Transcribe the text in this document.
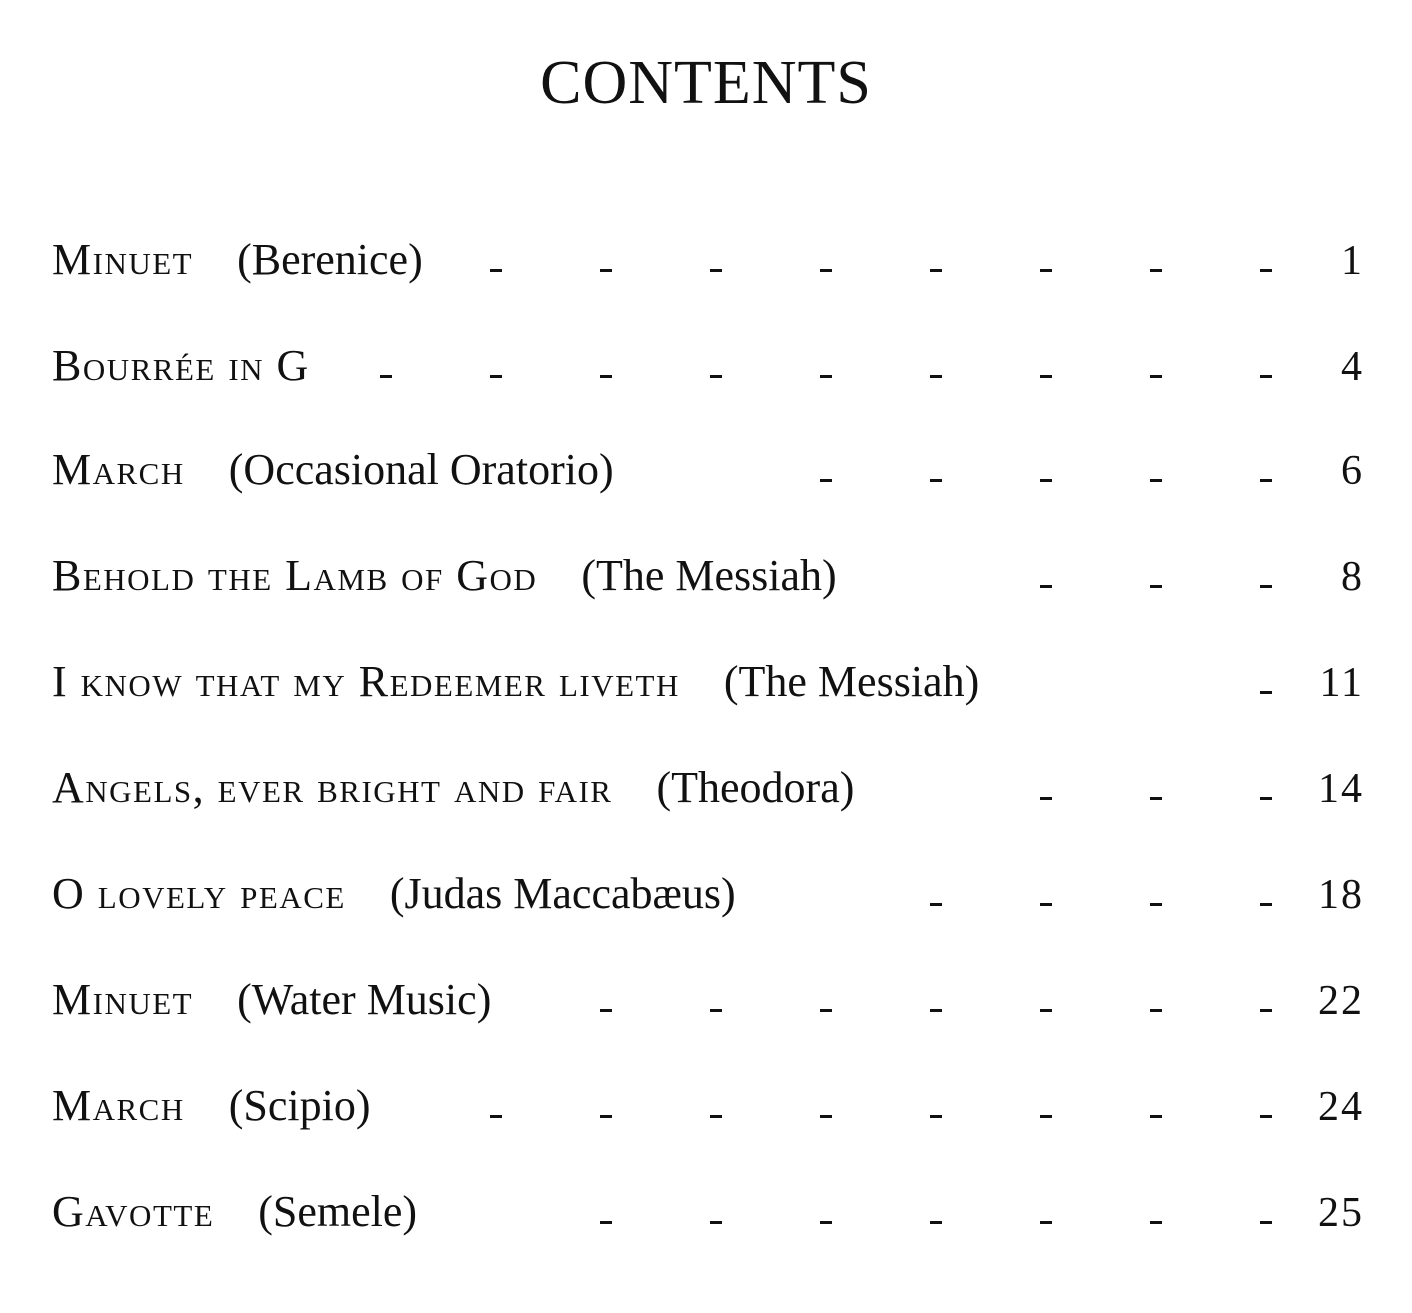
CONTENTS
Minuet (Berenice)	1
Bourrée in G	4
March (Occasional Oratorio)	6
Behold the Lamb of God (The Messiah)	8
I know that my Redeemer liveth (The Messiah)	11
Angels, ever bright and fair (Theodora)	14
O lovely peace (Judas Maccabæus)	18
Minuet (Water Music)	22
March (Scipio)	24
Gavotte (Semele)	25
